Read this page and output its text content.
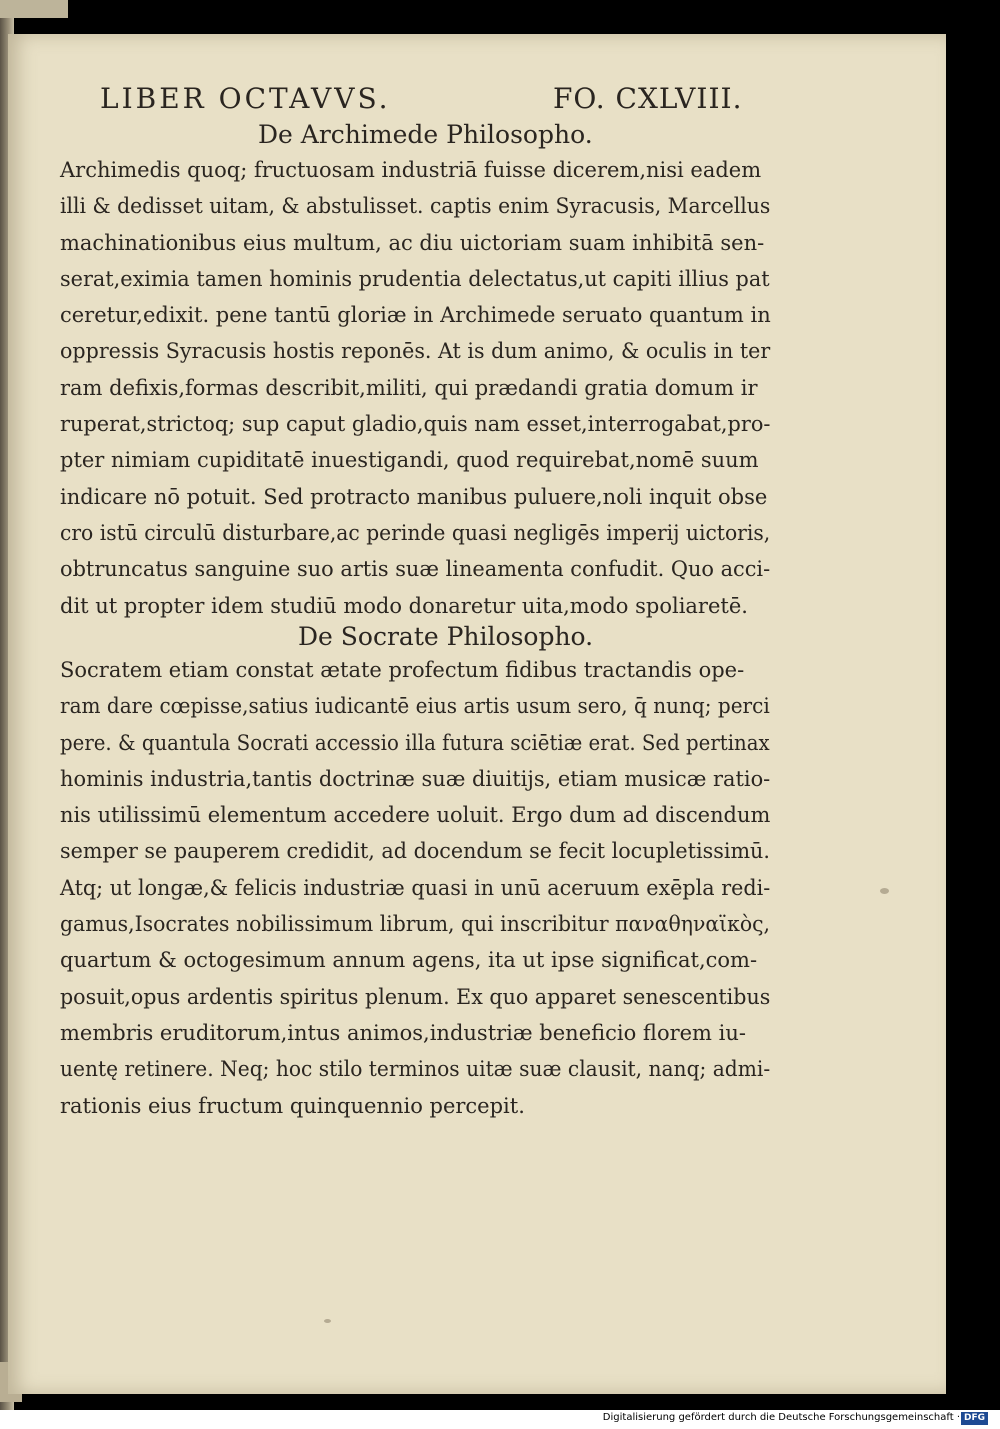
LIBER OCTAVVS.	FO. CXLVIII.
De Archimede Philosopho.
Archimedis quoq; fructuosam industriā fuisse dicerem,nisi eadem
illi & dedisset uitam, & abstulisset. captis enim Syracusis, Marcellus
machinationibus eius multum, ac diu uictoriam suam inhibitā sen-
serat,eximia tamen hominis prudentia delectatus,ut capiti illius pat
ceretur,edixit. pene tantū gloriæ in Archimede seruato quantum in
oppressis Syracusis hostis reponēs. At is dum animo, & oculis in ter
ram defixis,formas describit,militi, qui prædandi gratia domum ir
ruperat,strictoq; sup caput gladio,quis nam esset,interrogabat,pro-
pter nimiam cupiditatē inuestigandi, quod requirebat,nomē suum
indicare nō potuit. Sed protracto manibus puluere,noli inquit obse
cro istū circulū disturbare,ac perinde quasi negligēs imperij uictoris,
obtruncatus sanguine suo artis suæ lineamenta confudit. Quo acci-
dit ut propter idem studiū modo donaretur uita,modo spoliaretē.
De Socrate Philosopho.
Socratem etiam constat ætate profectum fidibus tractandis ope-
ram dare cœpisse,satius iudicantē eius artis usum sero, q̄ nunq; perci
pere. & quantula Socrati accessio illa futura sciētiæ erat. Sed pertinax
hominis industria,tantis doctrinæ suæ diuitijs, etiam musicæ ratio-
nis utilissimū elementum accedere uoluit. Ergo dum ad discendum
semper se pauperem credidit, ad docendum se fecit locupletissimū.
Atq; ut longæ,& felicis industriæ quasi in unū aceruum exēpla redi-
gamus,Isocrates nobilissimum librum, qui inscribitur παναθηναϊκὸς,
quartum & octogesimum annum agens, ita ut ipse significat,com-
posuit,opus ardentis spiritus plenum. Ex quo apparet senescentibus
membris eruditorum,intus animos,industriæ beneficio florem iu-
uentę retinere. Neq; hoc stilo terminos uitæ suæ clausit, nanq; admi-
rationis eius fructum quinquennio percepit.
Digitalisierung gefördert durch die Deutsche Forschungsgemeinschaft · DFG
